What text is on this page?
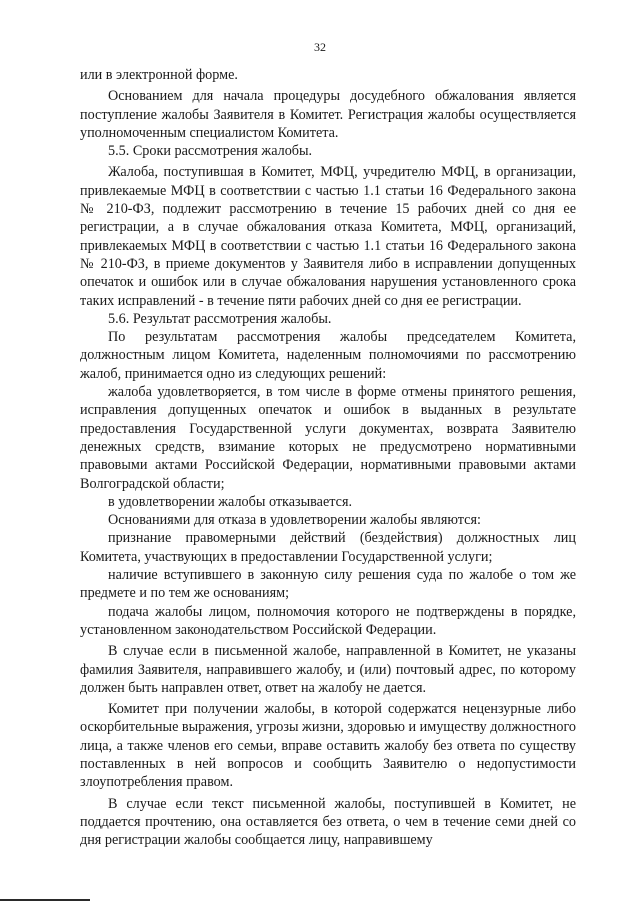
32

или в электронной форме.

Основанием для начала процедуры досудебного обжалования является поступление жалобы Заявителя в Комитет. Регистрация жалобы осуществляется уполномоченным специалистом Комитета.

5.5. Сроки рассмотрения жалобы.

Жалоба, поступившая в Комитет, МФЦ, учредителю МФЦ, в организации, привлекаемые МФЦ в соответствии с частью 1.1 статьи 16 Федерального закона № 210-ФЗ, подлежит рассмотрению в течение 15 рабочих дней со дня ее регистрации, а в случае обжалования отказа Комитета, МФЦ, организаций, привлекаемых МФЦ в соответствии с частью 1.1 статьи 16 Федерального закона № 210-ФЗ, в приеме документов у Заявителя либо в исправлении допущенных опечаток и ошибок или в случае обжалования нарушения установленного срока таких исправлений - в течение пяти рабочих дней со дня ее регистрации.

5.6. Результат рассмотрения жалобы.

По результатам рассмотрения жалобы председателем Комитета, должностным лицом Комитета, наделенным полномочиями по рассмотрению жалоб, принимается одно из следующих решений:

жалоба удовлетворяется, в том числе в форме отмены принятого решения, исправления допущенных опечаток и ошибок в выданных в результате предоставления Государственной услуги документах, возврата Заявителю денежных средств, взимание которых не предусмотрено нормативными правовыми актами Российской Федерации, нормативными правовыми актами Волгоградской области;

в удовлетворении жалобы отказывается.

Основаниями для отказа в удовлетворении жалобы являются:

признание правомерными действий (бездействия) должностных лиц Комитета, участвующих в предоставлении Государственной услуги;

наличие вступившего в законную силу решения суда по жалобе о том же предмете и по тем же основаниям;

подача жалобы лицом, полномочия которого не подтверждены в порядке, установленном законодательством Российской Федерации.

В случае если в письменной жалобе, направленной в Комитет, не указаны фамилия Заявителя, направившего жалобу, и (или) почтовый адрес, по которому должен быть направлен ответ, ответ на жалобу не дается.

Комитет при получении жалобы, в которой содержатся нецензурные либо оскорбительные выражения, угрозы жизни, здоровью и имуществу должностного лица, а также членов его семьи, вправе оставить жалобу без ответа по существу поставленных в ней вопросов и сообщить Заявителю о недопустимости злоупотребления правом.

В случае если текст письменной жалобы, поступившей в Комитет, не поддается прочтению, она оставляется без ответа, о чем в течение семи дней со дня регистрации жалобы сообщается лицу, направившему
